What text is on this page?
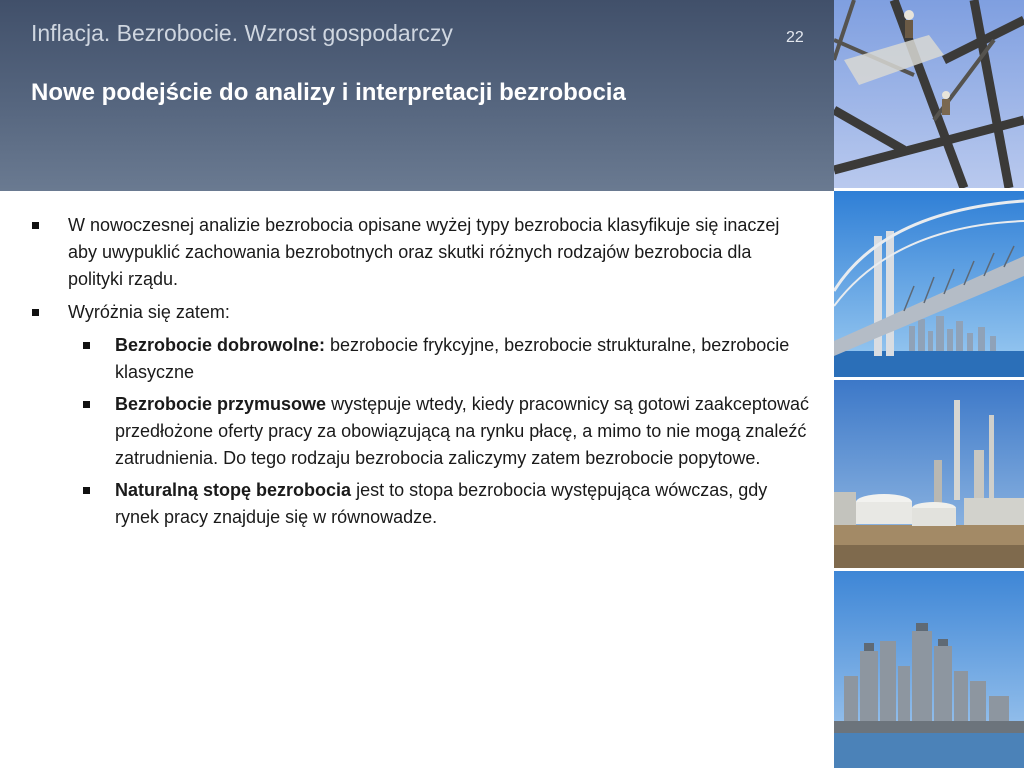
Inflacja. Bezrobocie. Wzrost gospodarczy	22
Nowe podejście do analizy i interpretacji bezrobocia
W nowoczesnej analizie bezrobocia opisane wyżej typy bezrobocia klasyfikuje się inaczej aby uwypuklić zachowania bezrobotnych oraz skutki różnych rodzajów bezrobocia dla polityki rządu.
Wyróżnia się zatem:
Bezrobocie dobrowolne: bezrobocie frykcyjne, bezrobocie strukturalne, bezrobocie klasyczne
Bezrobocie przymusowe występuje wtedy, kiedy pracownicy są gotowi zaakceptować przedłożone oferty pracy za obowiązującą na rynku płacę, a mimo to nie mogą znaleźć zatrudnienia. Do tego rodzaju bezrobocia zaliczymy zatem bezrobocie popytowe.
Naturalną stopę bezrobocia jest to stopa bezrobocia występująca wówczas, gdy rynek pracy znajduje się w równowadze.
